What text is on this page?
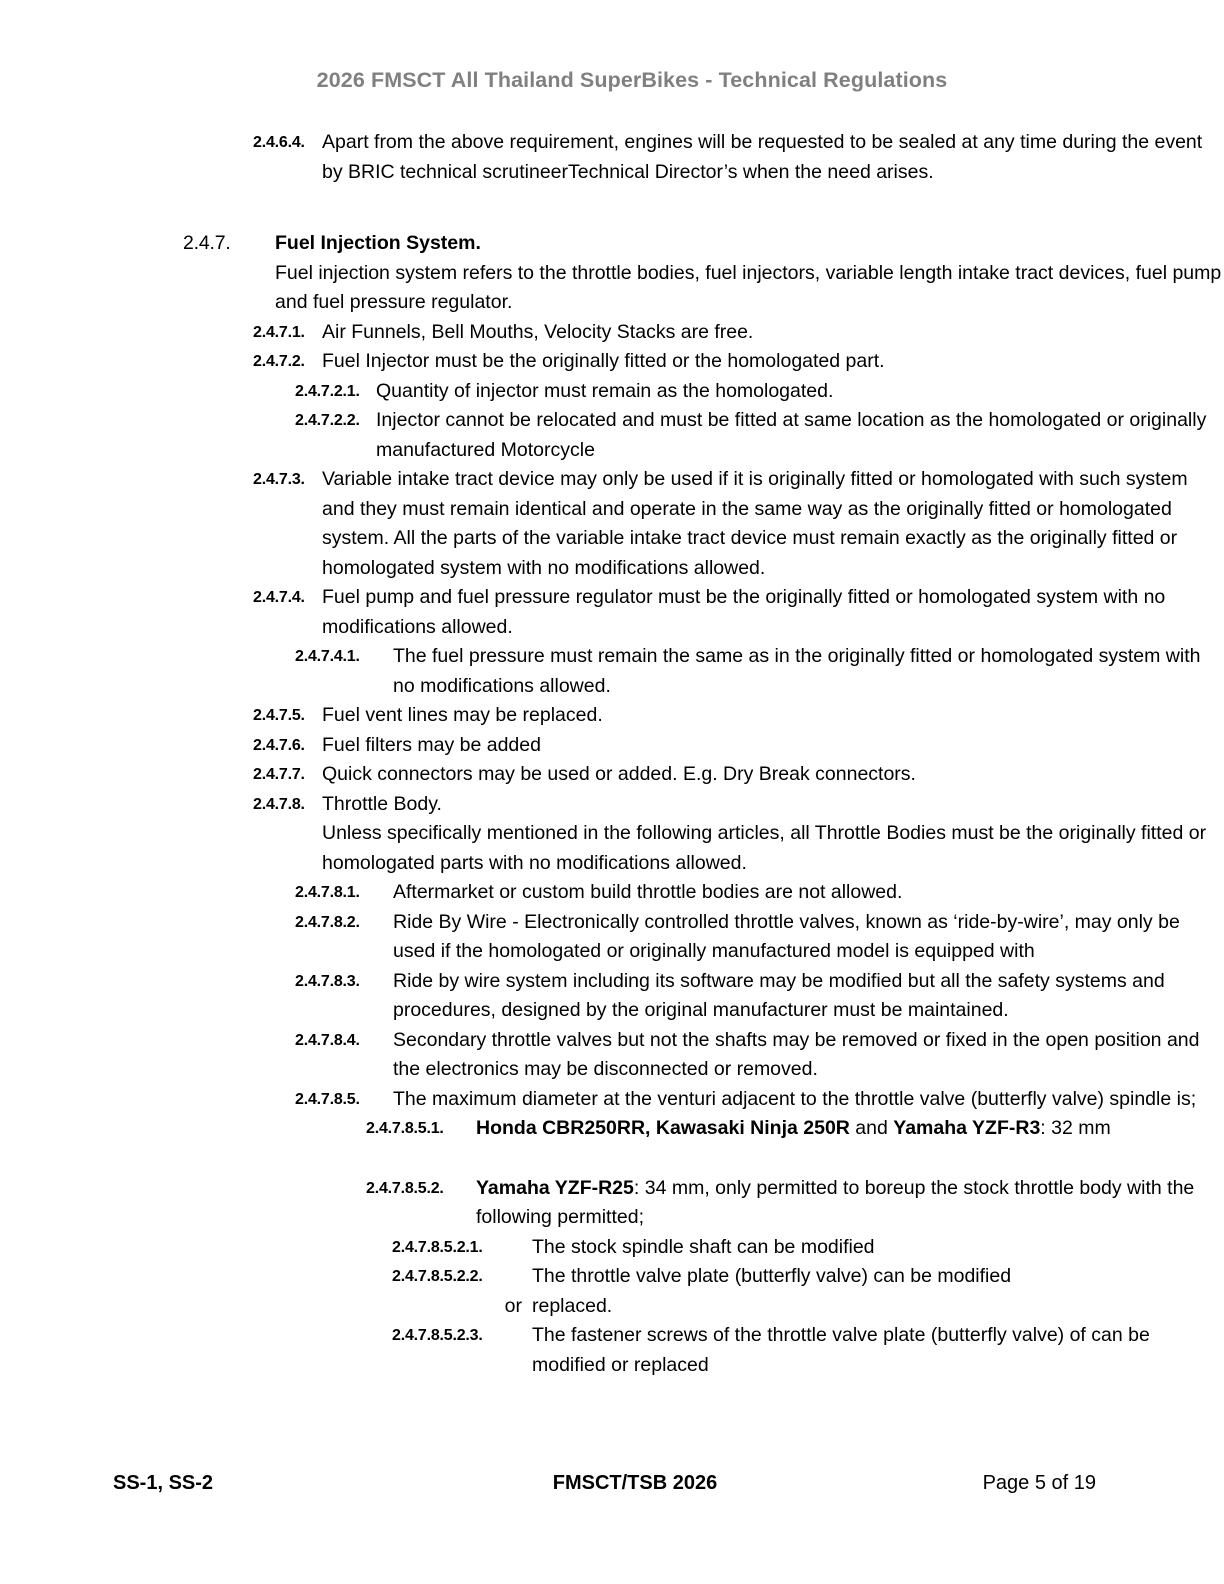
2026 FMSCT All Thailand SuperBikes - Technical Regulations
2.4.6.4. Apart from the above requirement, engines will be requested to be sealed at any time during the event by BRIC technical scrutineerTechnical Director’s when the need arises.
2.4.7.	Fuel Injection System.
Fuel injection system refers to the throttle bodies, fuel injectors, variable length intake tract devices, fuel pump and fuel pressure regulator.
2.4.7.1. Air Funnels, Bell Mouths, Velocity Stacks are free.
2.4.7.2. Fuel Injector must be the originally fitted or the homologated part.
2.4.7.2.1. Quantity of injector must remain as the homologated.
2.4.7.2.2. Injector cannot be relocated and must be fitted at same location as the homologated or originally manufactured Motorcycle
2.4.7.3. Variable intake tract device may only be used if it is originally fitted or homologated with such system and they must remain identical and operate in the same way as the originally fitted or homologated system. All the parts of the variable intake tract device must remain exactly as the originally fitted or homologated system with no modifications allowed.
2.4.7.4. Fuel pump and fuel pressure regulator must be the originally fitted or homologated system with no modifications allowed.
2.4.7.4.1.	The fuel pressure must remain the same as in the originally fitted or homologated system with no modifications allowed.
2.4.7.5. Fuel vent lines may be replaced.
2.4.7.6. Fuel filters may be added
2.4.7.7. Quick connectors may be used or added. E.g. Dry Break connectors.
2.4.7.8. Throttle Body.
Unless specifically mentioned in the following articles, all Throttle Bodies must be the originally fitted or homologated parts with no modifications allowed.
2.4.7.8.1.	Aftermarket or custom build throttle bodies are not allowed.
2.4.7.8.2.	Ride By Wire - Electronically controlled throttle valves, known as ‘ride-by-wire’, may only be used if the homologated or originally manufactured model is equipped with
2.4.7.8.3.	Ride by wire system including its software may be modified but all the safety systems and procedures, designed by the original manufacturer must be maintained.
2.4.7.8.4.	Secondary throttle valves but not the shafts may be removed or fixed in the open position and the electronics may be disconnected or removed.
2.4.7.8.5.	The maximum diameter at the venturi adjacent to the throttle valve (butterfly valve) spindle is;
2.4.7.8.5.1.	Honda CBR250RR, Kawasaki Ninja 250R and Yamaha YZF-R3: 32 mm
2.4.7.8.5.2.	Yamaha YZF-R25: 34 mm, only permitted to boreup the stock throttle body with the following permitted;
2.4.7.8.5.2.1.	The stock spindle shaft can be modified
2.4.7.8.5.2.2.	The throttle valve plate (butterfly valve) can be modified
or replaced.
2.4.7.8.5.2.3.	The fastener screws of the throttle valve plate (butterfly valve) of can be modified or replaced
SS-1, SS-2	FMSCT/TSB 2026	Page 5 of 19
